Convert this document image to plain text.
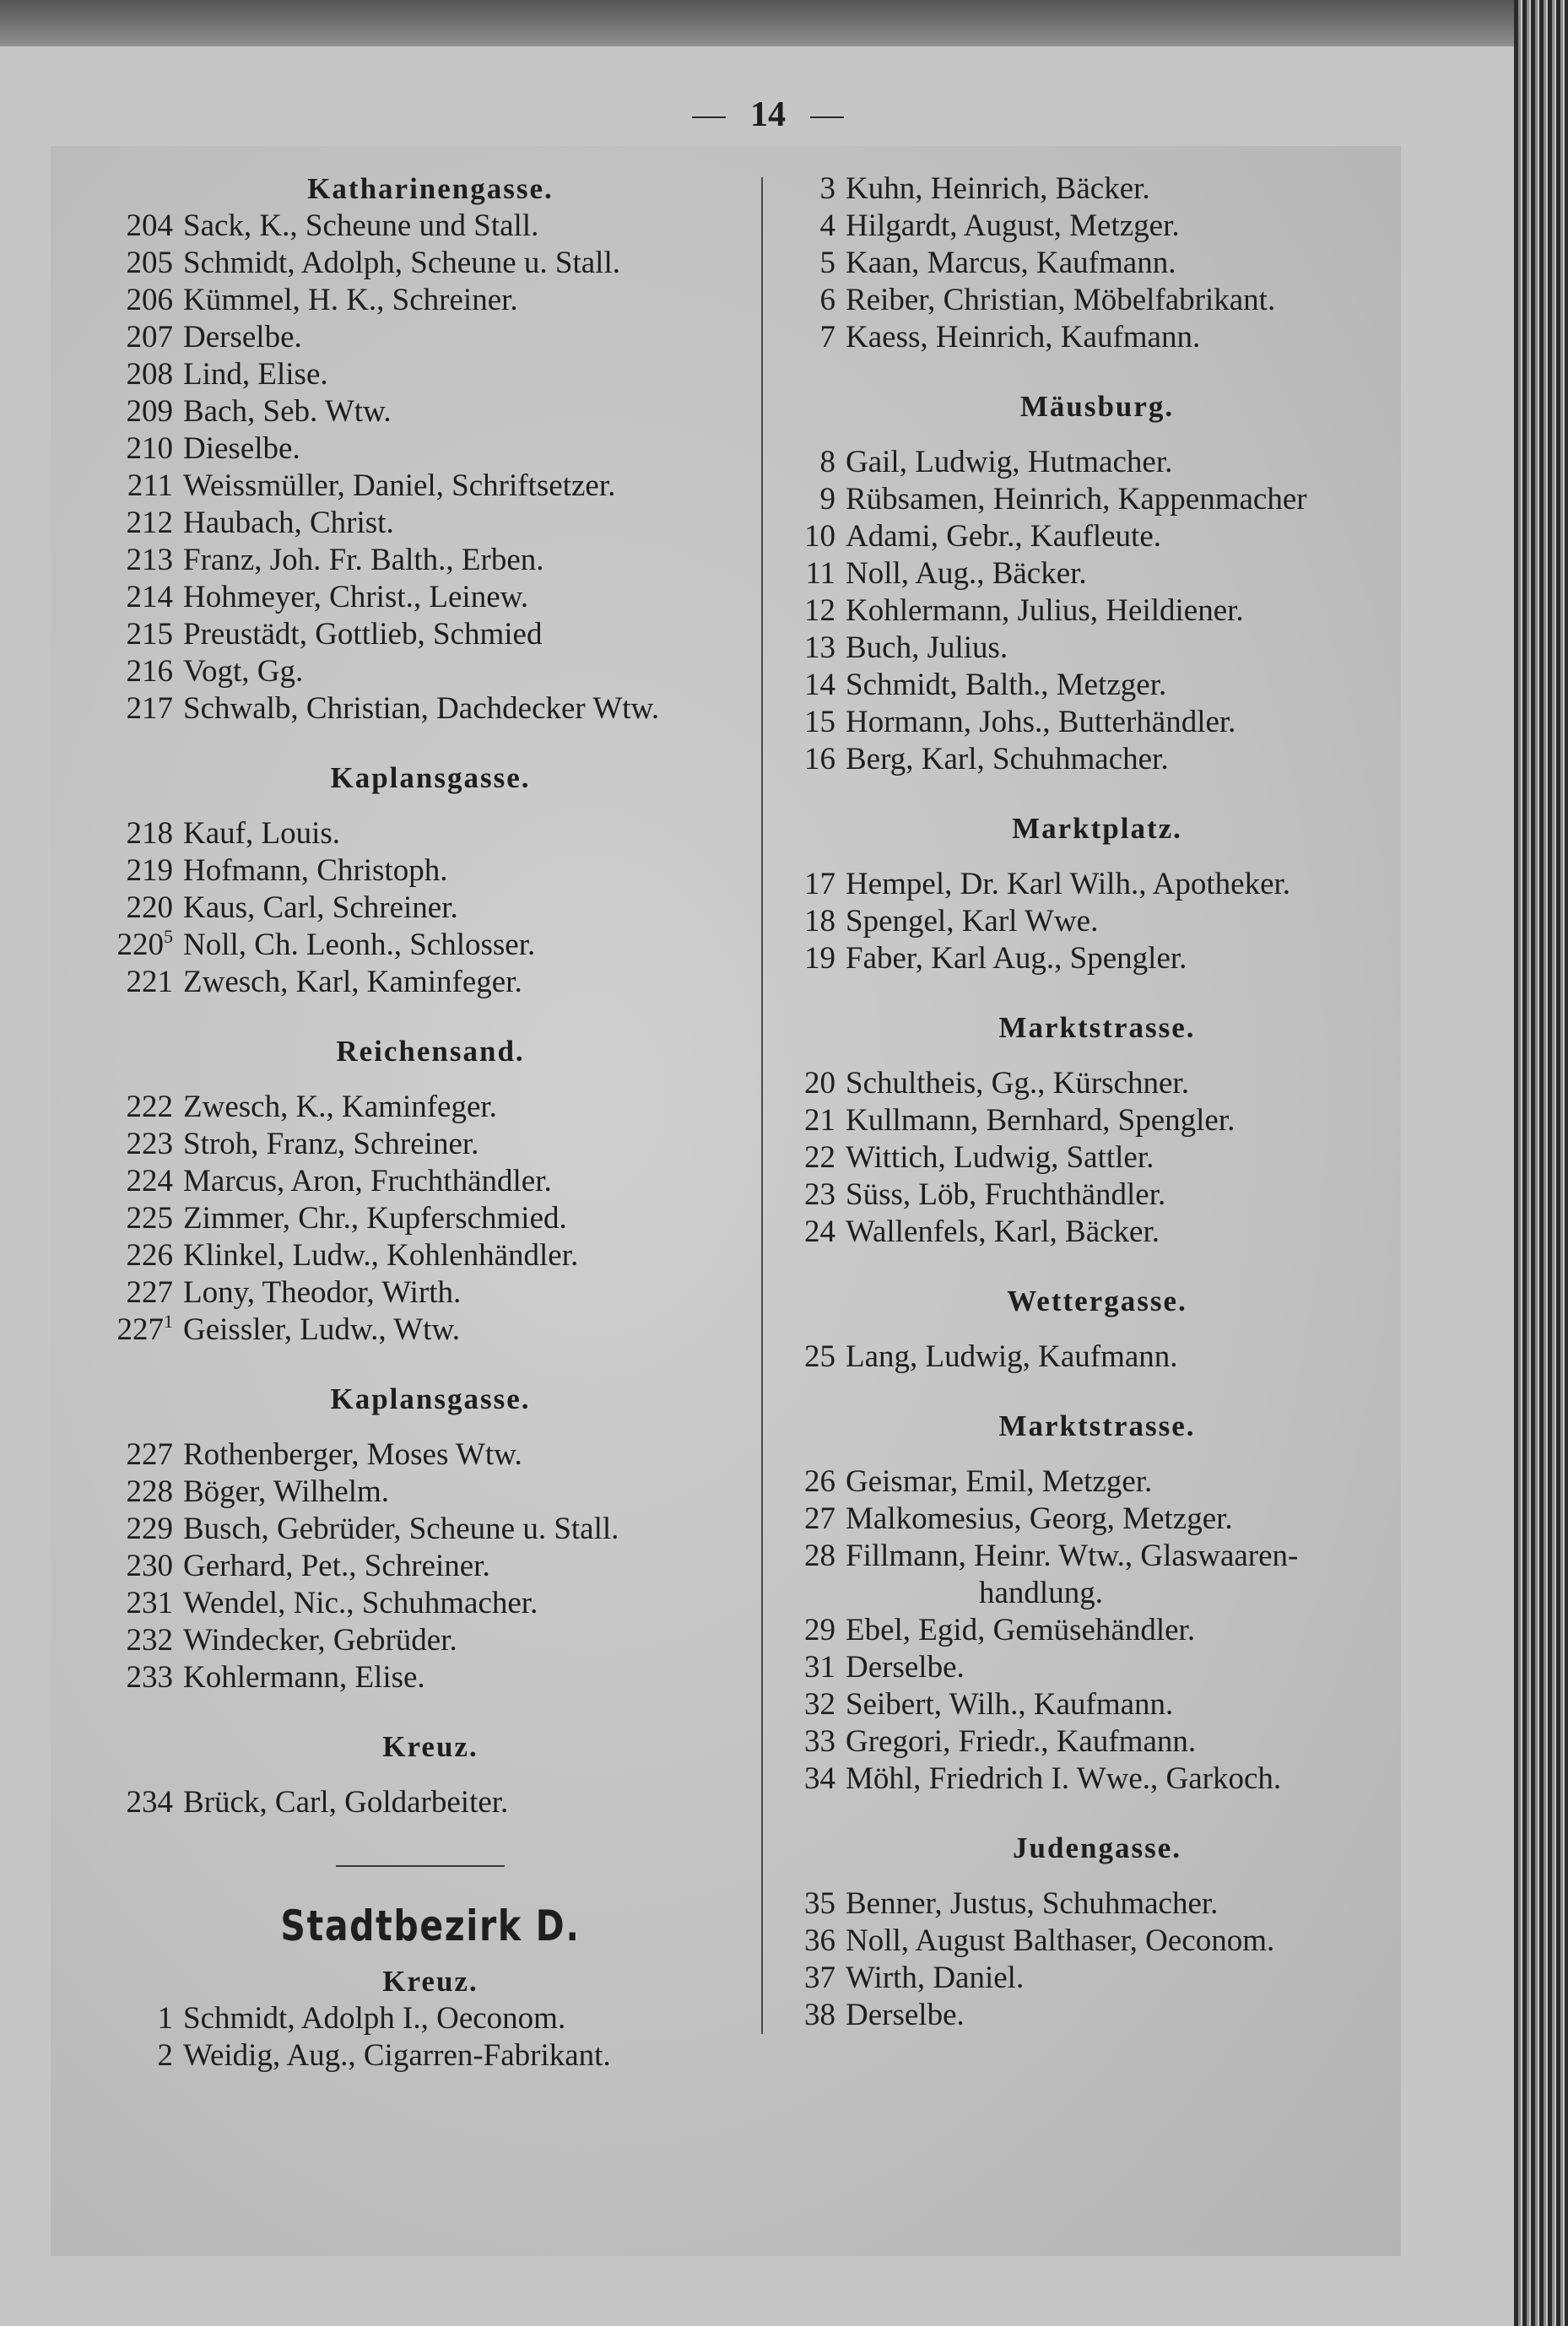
14
Katharinengasse.
204 Sack, K., Scheune und Stall.
205 Schmidt, Adolph, Scheune u. Stall.
206 Kümmel, H. K., Schreiner.
207 Derselbe.
208 Lind, Elise.
209 Bach, Seb. Wtw.
210 Dieselbe.
211 Weissmüller, Daniel, Schriftsetzer.
212 Haubach, Christ.
213 Franz, Joh. Fr. Balth., Erben.
214 Hohmeyer, Christ., Leinew.
215 Preustädt, Gottlieb, Schmied
216 Vogt, Gg.
217 Schwalb, Christian, Dachdecker Wtw.
Kaplansgasse.
218 Kauf, Louis.
219 Hofmann, Christoph.
220 Kaus, Carl, Schreiner.
$220^5$ Noll, Ch. Leonh., Schlosser.
221 Zwesch, Karl, Kaminfeger.
Reichensand.
222 Zwesch, K., Kaminfeger.
223 Stroh, Franz, Schreiner.
224 Marcus, Aron, Fruchthändler.
225 Zimmer, Chr., Kupferschmied.
226 Klinkel, Ludw., Kohlenhändler.
227 Lony, Theodor, Wirth.
$227^1$ Geissler, Ludw., Wtw.
Kaplansgasse.
227 Rothenberger, Moses Wtw.
228 Böger, Wilhelm.
229 Busch, Gebrüder, Scheune u. Stall.
230 Gerhard, Pet., Schreiner.
231 Wendel, Nic., Schuhmacher.
232 Windecker, Gebrüder.
233 Kohlermann, Elise.
Kreuz.
234 Brück, Carl, Goldarbeiter.
Stadtbezirk D.
Kreuz.
1 Schmidt, Adolph I., Oeconom.
2 Weidig, Aug., Cigarren-Fabrikant.
3 Kuhn, Heinrich, Bäcker.
4 Hilgardt, August, Metzger.
5 Kaan, Marcus, Kaufmann.
6 Reiber, Christian, Möbelfabrikant.
7 Kaess, Heinrich, Kaufmann.
Mäusburg.
8 Gail, Ludwig, Hutmacher.
9 Rübsamen, Heinrich, Kappenmacher
10 Adami, Gebr., Kaufleute.
11 Noll, Aug., Bäcker.
12 Kohlermann, Julius, Heildiener.
13 Buch, Julius.
14 Schmidt, Balth., Metzger.
15 Hormann, Johs., Butterhändler.
16 Berg, Karl, Schuhmacher.
Marktplatz.
17 Hempel, Dr. Karl Wilh., Apotheker.
18 Spengel, Karl Wwe.
19 Faber, Karl Aug., Spengler.
Marktstrasse.
20 Schultheis, Gg., Kürschner.
21 Kullmann, Bernhard, Spengler.
22 Wittich, Ludwig, Sattler.
23 Süss, Löb, Fruchthändler.
24 Wallenfels, Karl, Bäcker.
Wettergasse.
25 Lang, Ludwig, Kaufmann.
Marktstrasse.
26 Geismar, Emil, Metzger.
27 Malkomesius, Georg, Metzger.
28 Fillmann, Heinr. Wtw., Glaswaaren-
handlung.
29 Ebel, Egid, Gemüsehändler.
31 Derselbe.
32 Seibert, Wilh., Kaufmann.
33 Gregori, Friedr., Kaufmann.
34 Möhl, Friedrich I. Wwe., Garkoch.
Judengasse.
35 Benner, Justus, Schuhmacher.
36 Noll, August Balthaser, Oeconom.
37 Wirth, Daniel.
38 Derselbe.
